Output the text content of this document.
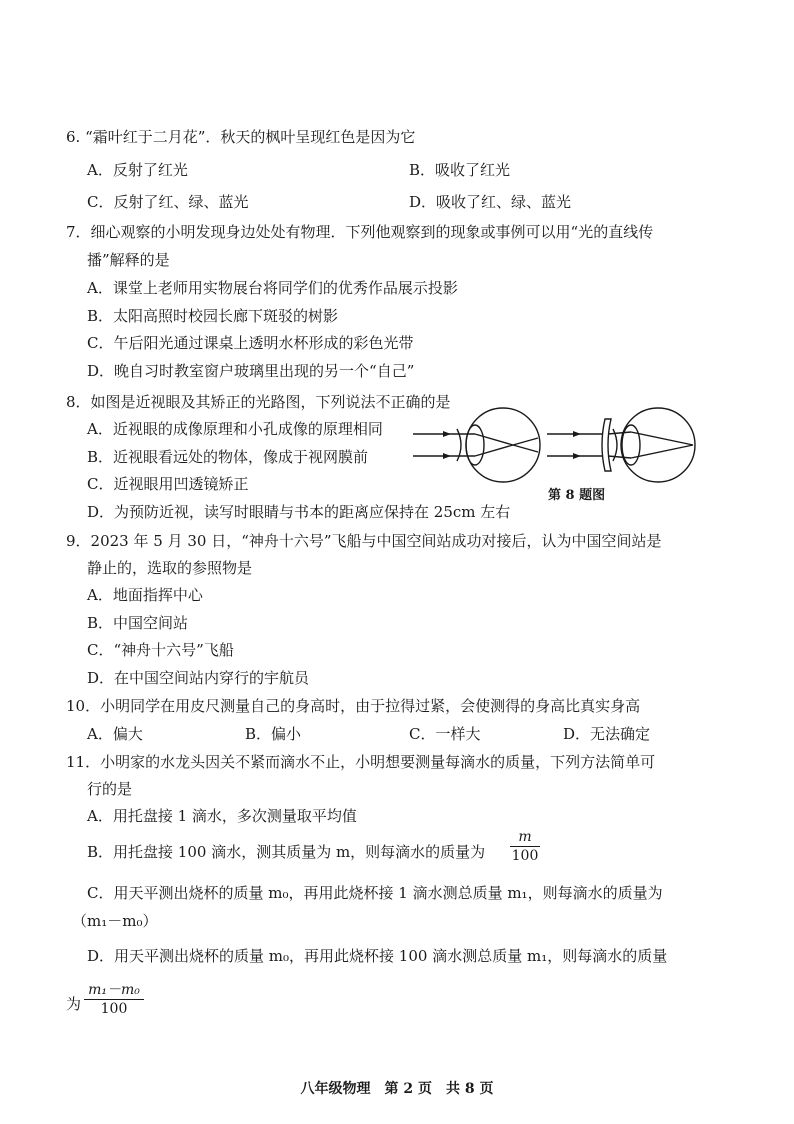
6. “霜叶红于二月花”．秋天的枫叶呈现红色是因为它
A．反射了红光	B．吸收了红光
C．反射了红、绿、蓝光	D．吸收了红、绿、蓝光
7．细心观察的小明发现身边处处有物理．下列他观察到的现象或事例可以用“光的直线传
播”解释的是
A．课堂上老师用实物展台将同学们的优秀作品展示投影
B．太阳高照时校园长廊下斑驳的树影
C．午后阳光通过课桌上透明水杯形成的彩色光带
D．晚自习时教室窗户玻璃里出现的另一个“自己”
8．如图是近视眼及其矫正的光路图，下列说法不正确的是
A．近视眼的成像原理和小孔成像的原理相同
B．近视眼看远处的物体，像成于视网膜前
C．近视眼用凹透镜矫正
D．为预防近视，读写时眼睛与书本的距离应保持在 25cm 左右
第 8 题图
9．2023 年 5 月 30 日，“神舟十六号”飞船与中国空间站成功对接后，认为中国空间站是
静止的，选取的参照物是
A．地面指挥中心
B．中国空间站
C．“神舟十六号”飞船
D．在中国空间站内穿行的宇航员
10．小明同学在用皮尺测量自己的身高时，由于拉得过紧，会使测得的身高比真实身高
A．偏大	B．偏小	C．一样大	D．无法确定
11．小明家的水龙头因关不紧而滴水不止，小明想要测量每滴水的质量，下列方法简单可
行的是
A．用托盘接 1 滴水，多次测量取平均值
B．用托盘接 100 滴水，测其质量为 m，则每滴水的质量为
m
100
C．用天平测出烧杯的质量 m₀，再用此烧杯接 1 滴水测总质量 m₁，则每滴水的质量为
（m₁－m₀）
D．用天平测出烧杯的质量 m₀，再用此烧杯接 100 滴水测总质量 m₁，则每滴水的质量
为
m₁－m₀
100
八年级物理　第 2 页　共 8 页
